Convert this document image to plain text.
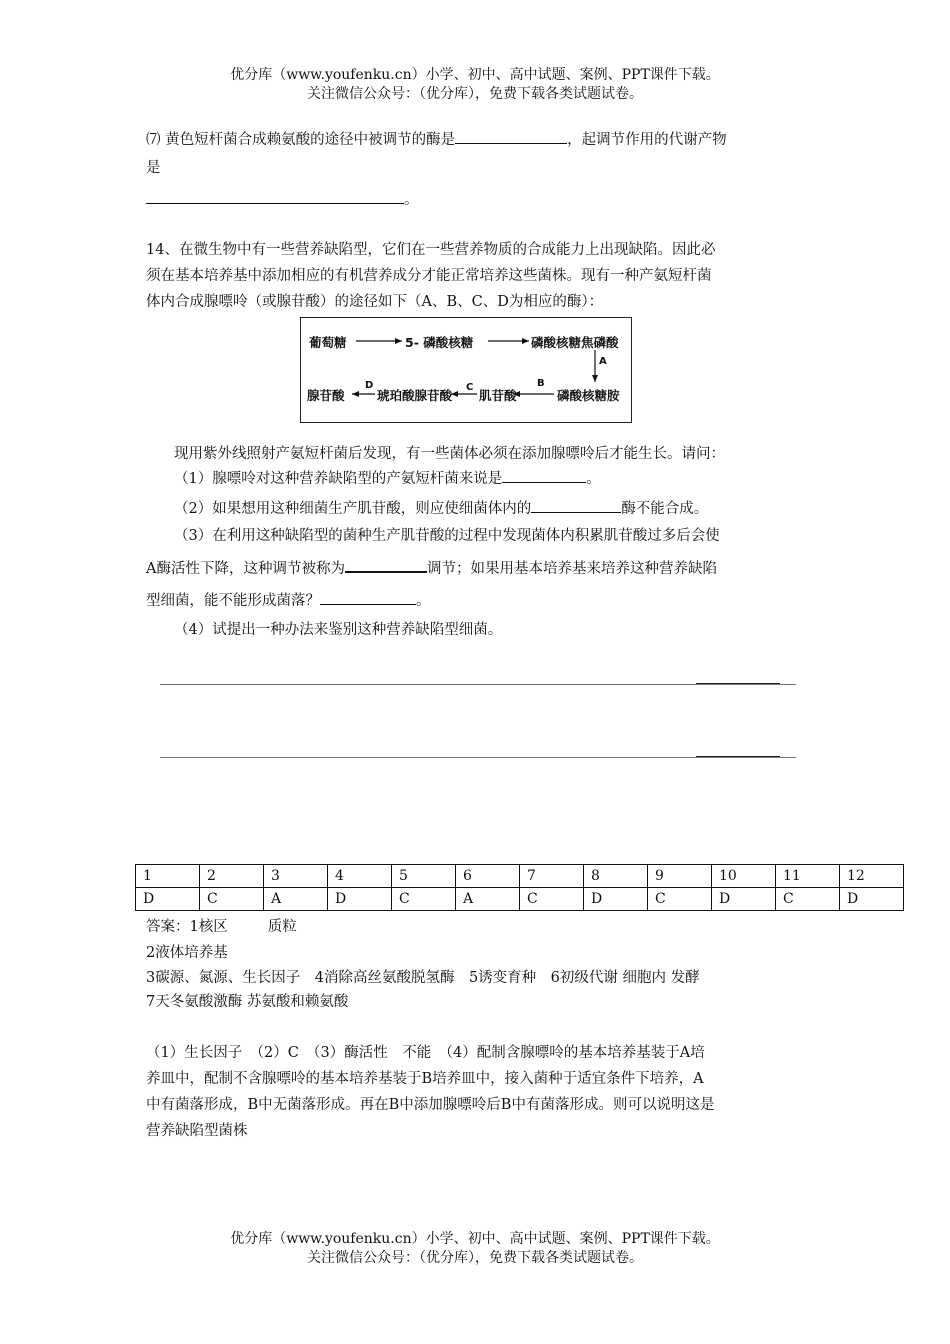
优分库（www.youfenku.cn）小学、初中、高中试题、案例、PPT课件下载。
关注微信公众号：（优分库），免费下载各类试题试卷。
⑺ 黄色短杆菌合成赖氨酸的途径中被调节的酶是	，起调节作用的代谢产物
是
。
14、在微生物中有一些营养缺陷型，它们在一些营养物质的合成能力上出现缺陷。因此必
须在基本培养基中添加相应的有机营养成分才能正常培养这些菌株。现有一种产氨短杆菌
体内合成腺嘌呤（或腺苷酸）的途径如下（A、B、C、D为相应的酶）：
葡萄糖	5- 磷酸核糖	磷酸核糖焦磷酸
磷酸核糖胺
肌苷酸
琥珀酸腺苷酸
腺苷酸
A
B
C
D
现用紫外线照射产氨短杆菌后发现，有一些菌体必须在添加腺嘌呤后才能生长。请问：
（1）腺嘌呤对这种营养缺陷型的产氨短杆菌来说是	。
（2）如果想用这种细菌生产肌苷酸，则应使细菌体内的	酶不能合成。
（3）在利用这种缺陷型的菌种生产肌苷酸的过程中发现菌体内积累肌苷酸过多后会使
A酶活性下降，这种调节被称为	调节；如果用基本培养基来培养这种营养缺陷
型细菌，能不能形成菌落？	。
（4）试提出一种办法来鉴别这种营养缺陷型细菌。
1	2	3	4	5	6	7	8	9	10	11	12
D	C	A	D	C	A	C	D	C	D	C	D
答案：1核区	质粒
2液体培养基
3碳源、氮源、生长因子　4消除高丝氨酸脱氢酶　5诱变育种　6初级代谢 细胞内 发酵
7天冬氨酸激酶 苏氨酸和赖氨酸
（1）生长因子　（2）C　（3）酶活性　不能　（4）配制含腺嘌呤的基本培养基装于A培
养皿中，配制不含腺嘌呤的基本培养基装于B培养皿中，接入菌种于适宜条件下培养，A
中有菌落形成，B中无菌落形成。再在B中添加腺嘌呤后B中有菌落形成。则可以说明这是
营养缺陷型菌株
优分库（www.youfenku.cn）小学、初中、高中试题、案例、PPT课件下载。
关注微信公众号：（优分库），免费下载各类试题试卷。
